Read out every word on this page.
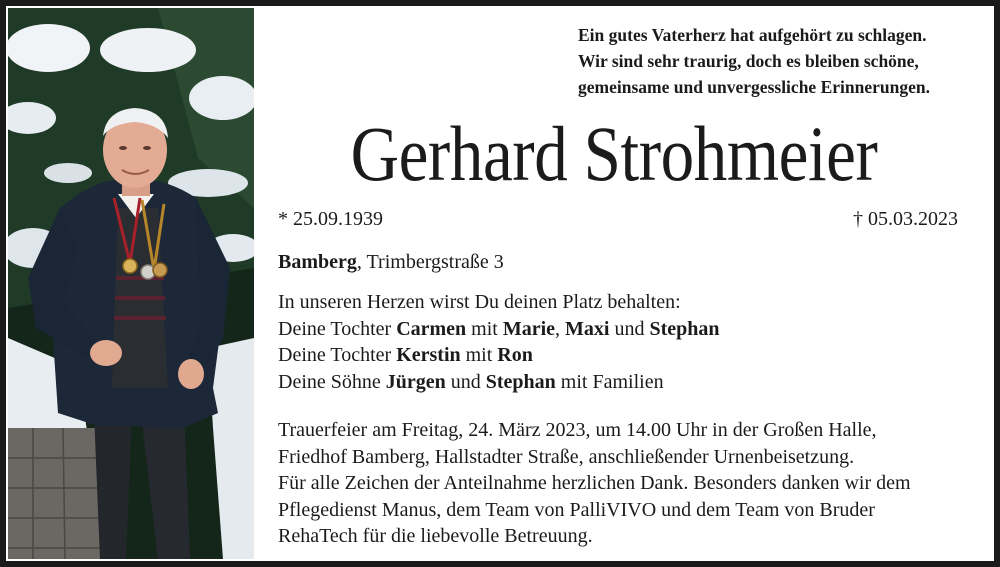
Ein gutes Vaterherz hat aufgehört zu schlagen.
Wir sind sehr traurig, doch es bleiben schöne,
gemeinsame und unvergessliche Erinnerungen.
Gerhard Strohmeier
* 25.09.1939	† 05.03.2023
Bamberg, Trimbergstraße 3
In unseren Herzen wirst Du deinen Platz behalten:
Deine Tochter Carmen mit Marie, Maxi und Stephan
Deine Tochter Kerstin mit Ron
Deine Söhne Jürgen und Stephan mit Familien
Trauerfeier am Freitag, 24. März 2023, um 14.00 Uhr in der Großen Halle,
Friedhof Bamberg, Hallstadter Straße, anschließender Urnenbeisetzung.
Für alle Zeichen der Anteilnahme herzlichen Dank. Besonders danken wir dem
Pflegedienst Manus, dem Team von PalliVIVO und dem Team von Bruder
RehaTech für die liebevolle Betreuung.
